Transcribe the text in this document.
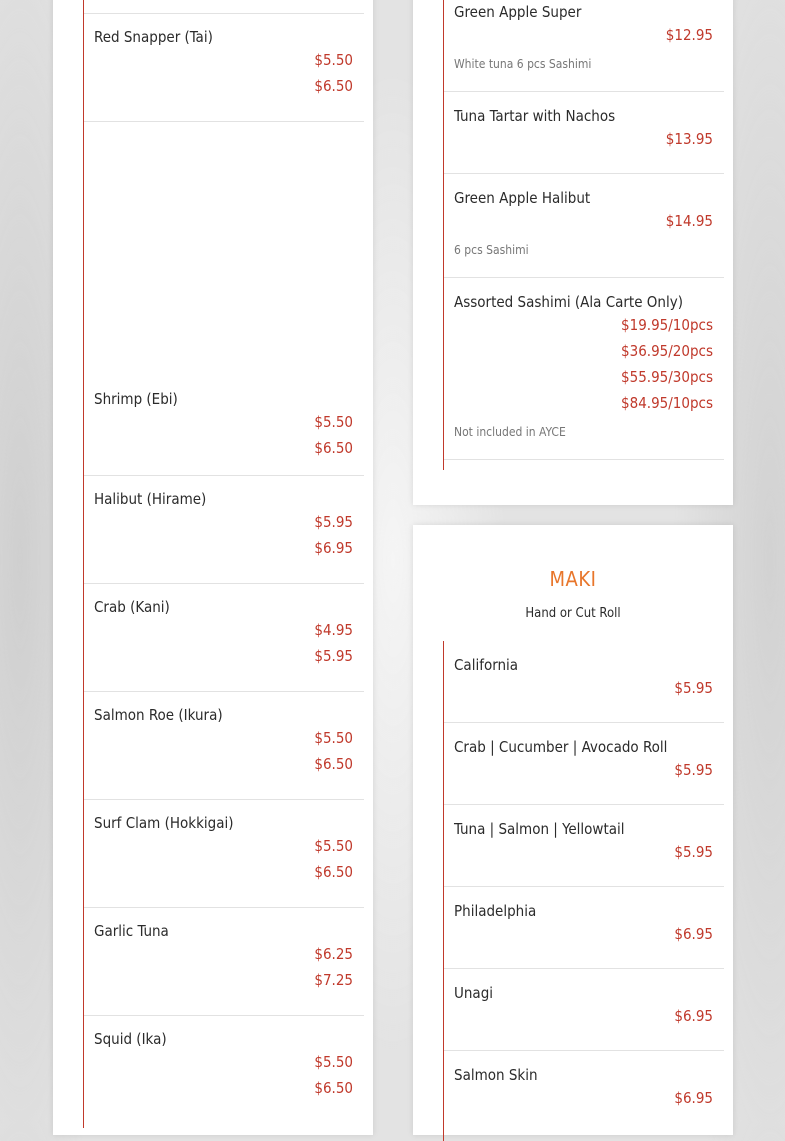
Red Snapper (Tai)
$5.50
$6.50
Shrimp (Ebi)
$5.50
$6.50
Halibut (Hirame)
$5.95
$6.95
Crab (Kani)
$4.95
$5.95
Salmon Roe (Ikura)
$5.50
$6.50
Surf Clam (Hokkigai)
$5.50
$6.50
Garlic Tuna
$6.25
$7.25
Squid (Ika)
$5.50
$6.50
Green Apple Super
$12.95
White tuna 6 pcs Sashimi
Tuna Tartar with Nachos
$13.95
Green Apple Halibut
$14.95
6 pcs Sashimi
Assorted Sashimi (Ala Carte Only)
$19.95/10pcs
$36.95/20pcs
$55.95/30pcs
$84.95/10pcs
Not included in AYCE
MAKI
Hand or Cut Roll
California
$5.95
Crab | Cucumber | Avocado Roll
$5.95
Tuna | Salmon | Yellowtail
$5.95
Philadelphia
$6.95
Unagi
$6.95
Salmon Skin
$6.95
